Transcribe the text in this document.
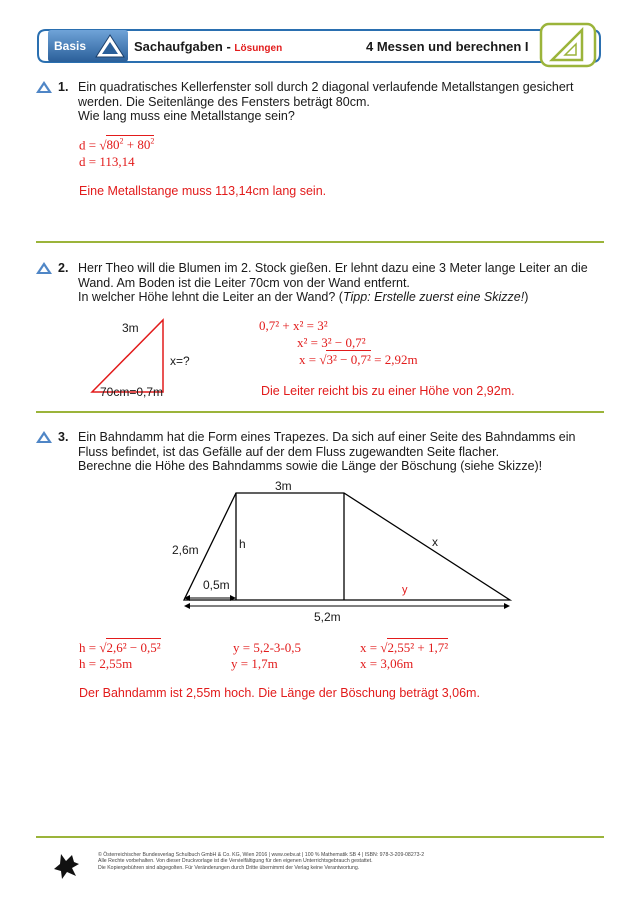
Basis	Sachaufgaben - Lösungen	4 Messen und berechnen I
1. Ein quadratisches Kellerfenster soll durch 2 diagonal verlaufende Metallstangen gesichert
werden. Die Seitenlänge des Fensters beträgt 80cm.
Wie lang muss eine Metallstange sein?
$d = √80^2 + 80^2$
d = 113,14
Eine Metallstange muss 113,14cm lang sein.
2. Herr Theo will die Blumen im 2. Stock gießen. Er lehnt dazu eine 3 Meter lange Leiter an die
Wand. Am Boden ist die Leiter 70cm von der Wand entfernt.
In welcher Höhe lehnt die Leiter an der Wand? (Tipp: Erstelle zuerst eine Skizze!)
3m
x=?
70cm=0,7m
0,7² + x² = 3²
x² = 3² − 0,7²
x = √3² − 0,7² = 2,92m
Die Leiter reicht bis zu einer Höhe von 2,92m.
3. Ein Bahndamm hat die Form eines Trapezes. Da sich auf einer Seite des Bahndamms ein
Fluss befindet, ist das Gefälle auf der dem Fluss zugewandten Seite flacher.
Berechne die Höhe des Bahndamms sowie die Länge der Böschung (siehe Skizze)!
3m
2,6m	h	x
y
0,5m
5,2m
h = √2,6² − 0,5²
h = 2,55m
y = 5,2-3-0,5
y = 1,7m
x = √2,55² + 1,7²
x = 3,06m
Der Bahndamm ist 2,55m hoch. Die Länge der Böschung beträgt 3,06m.
© Österreichischer Bundesverlag Schulbuch GmbH & Co. KG, Wien 2016 | www.oebv.at | 100 % Mathematik SB 4 | ISBN: 978-3-209-08273-2
Alle Rechte vorbehalten. Von dieser Druckvorlage ist die Vervielfältigung für den eigenen Unterrichtsgebrauch gestattet.
Die Kopiergebühren sind abgegolten. Für Veränderungen durch Dritte übernimmt der Verlag keine Verantwortung.
